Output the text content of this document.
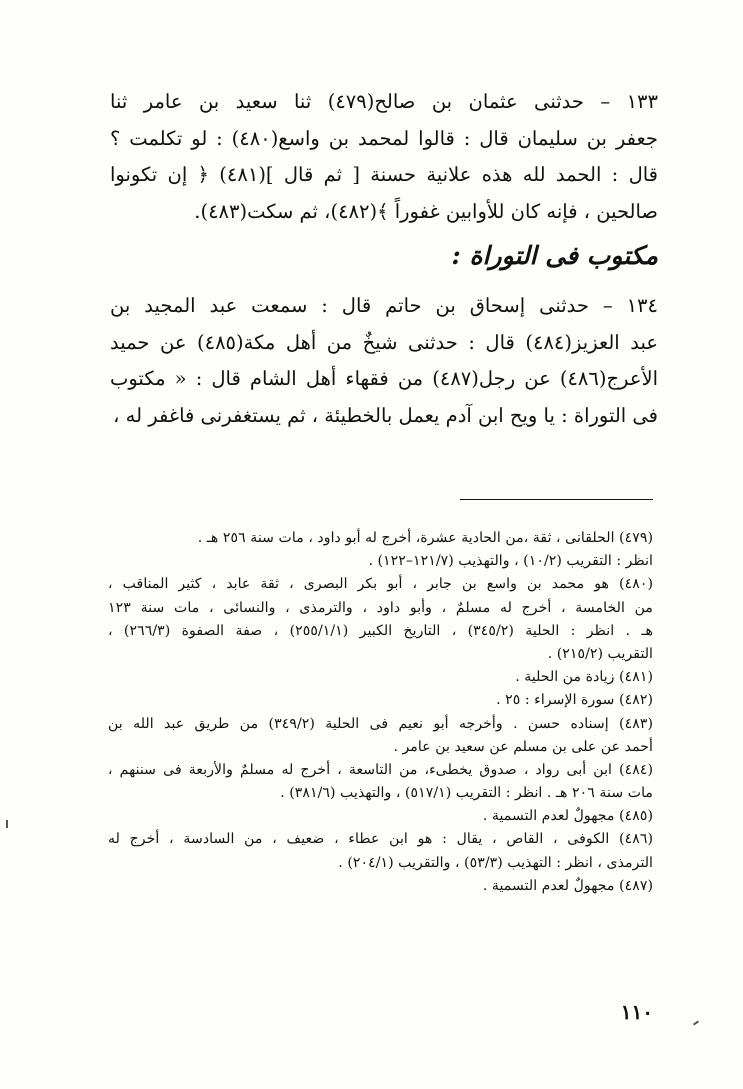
١٣٣ – حدثنى عثمان بن صالح(٤٧٩) ثنا سعيد بن عامر ثنا
جعفر بن سليمان قال : قالوا لمحمد بن واسع(٤٨٠) : لو تكلمت ؟
قال : الحمد لله هذه علانية حسنة [ ثم قال ](٤٨١) ﴿ إن تكونوا
صالحين ، فإنه كان للأوابين غفوراً ﴾(٤٨٢)، ثم سكت(٤٨٣).
مكتوب فى التوراة :
١٣٤ – حدثنى إسحاق بن حاتم قال : سمعت عبد المجيد بن
عبد العزيز(٤٨٤) قال : حدثنى شيخٌ من أهل مكة(٤٨٥) عن حميد
الأعرج(٤٨٦) عن رجل(٤٨٧) من فقهاء أهل الشام قال : « مكتوب
فى التوراة : يا ويح ابن آدم يعمل بالخطيئة ، ثم يستغفرنى فاغفر له ،
(٤٧٩) الحلقانى ، ثقة ،من الحادية عشرة، أخرج له أبو داود ، مات سنة ٢٥٦ هـ .
انظر : التقريب (١٠/٢) ، والتهذيب (١٢١/٧–١٢٢) .
(٤٨٠) هو محمد بن واسع بن جابر ، أبو بكر البصرى ، ثقة عابد ، كثير المناقب ،
من الخامسة ، أخرج له مسلمٌ ، وأبو داود ، والترمذى ، والنسائى ، مات سنة ١٢٣
هـ . انظر : الحلية (٣٤٥/٢) ، التاريخ الكبير (٢٥٥/١/١) ، صفة الصفوة (٢٦٦/٣) ،
التقريب (٢١٥/٢) .
(٤٨١) زيادة من الحلية .
(٤٨٢) سورة الإسراء : ٢٥ .
(٤٨٣) إسناده حسن . وأخرجه أبو نعيم فى الحلية (٣٤٩/٢) من طريق عبد الله بن
أحمد عن على بن مسلم عن سعيد بن عامر .
(٤٨٤) ابن أبى رواد ، صدوق يخطىء، من التاسعة ، أخرج له مسلمٌ والأربعة فى سننهم ،
مات سنة ٢٠٦ هـ . انظر : التقريب (٥١٧/١) ، والتهذيب (٣٨١/٦) .
(٤٨٥) مجهولٌ لعدم التسمية .
(٤٨٦) الكوفى ، القاص ، يقال : هو ابن عطاء ، ضعيف ، من السادسة ، أخرج له
الترمذى ، انظر : التهذيب (٥٣/٣) ، والتقريب (٢٠٤/١) .
(٤٨٧) مجهولٌ لعدم التسمية .
١١٠
